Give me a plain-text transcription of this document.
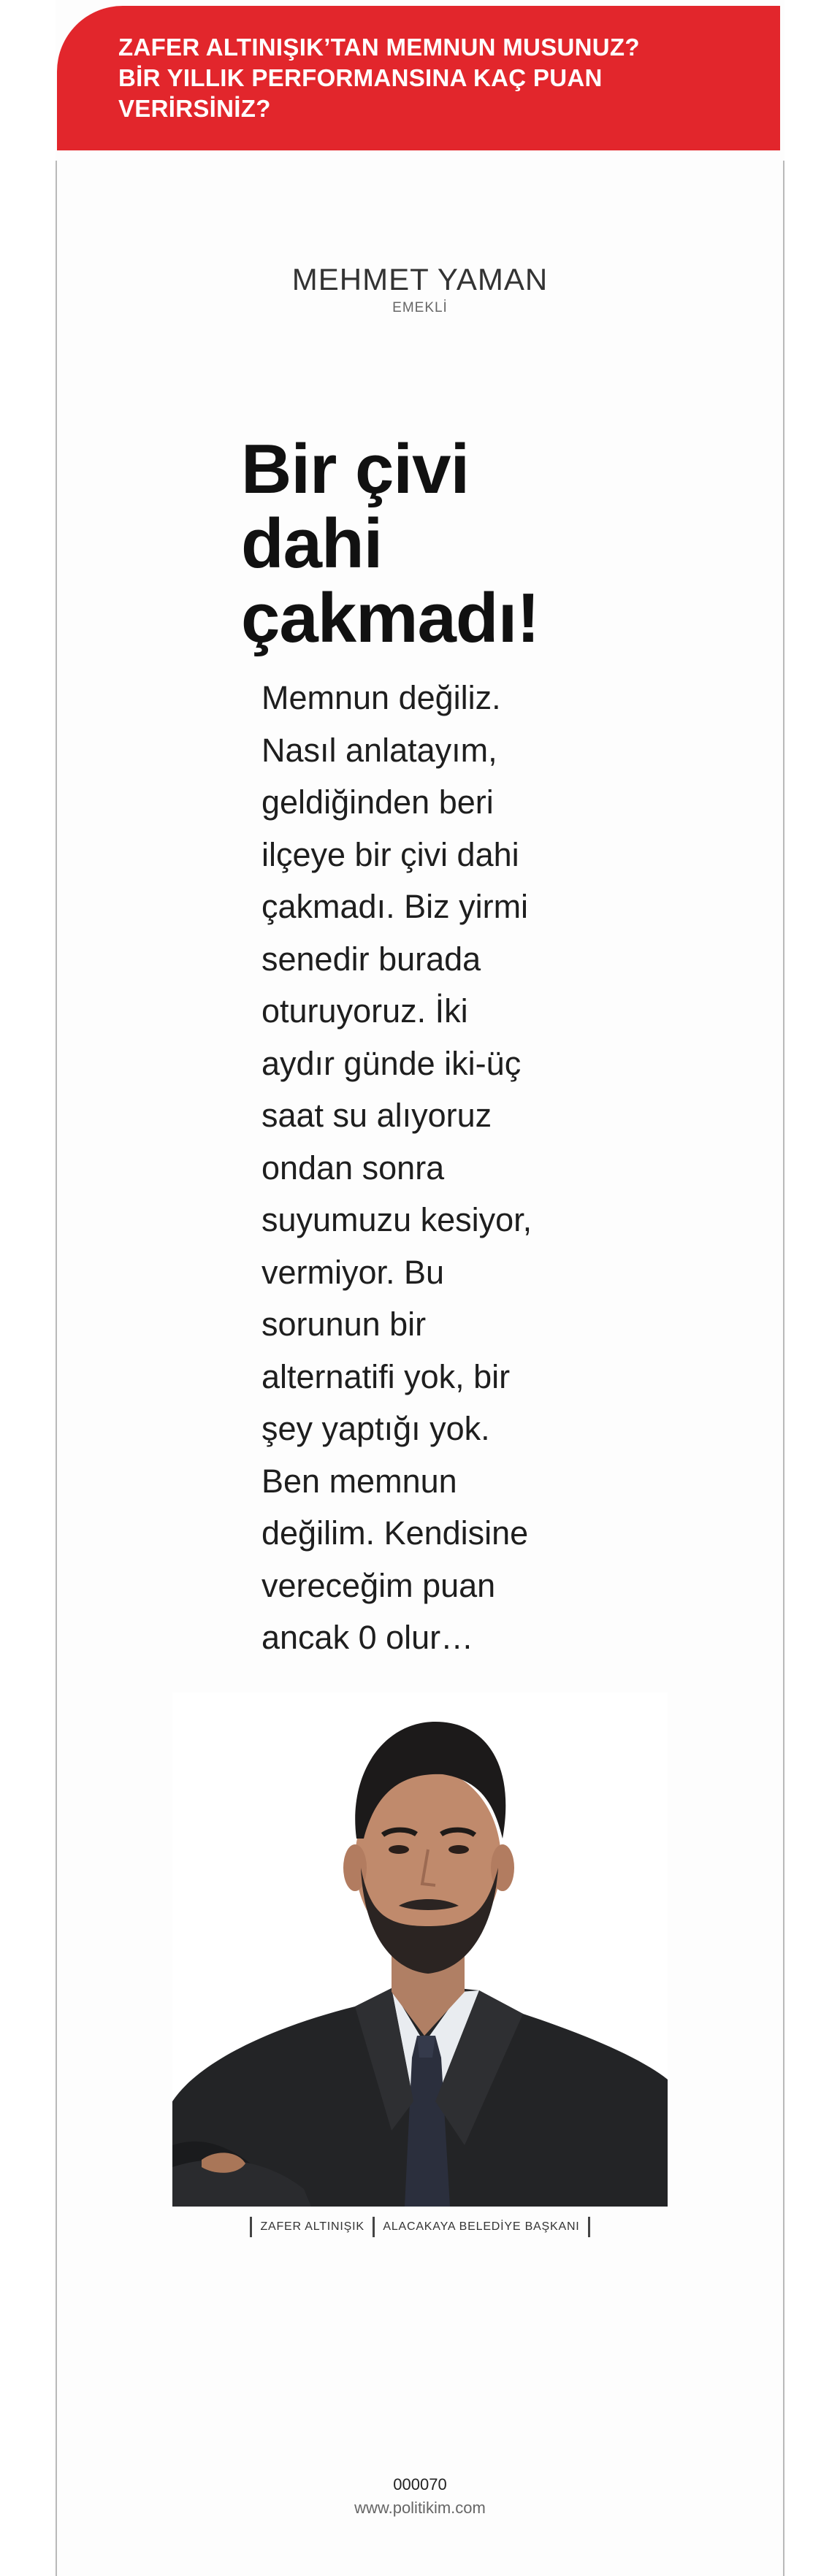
ZAFER ALTINIŞIK’TAN MEMNUN MUSUNUZ?
BİR YILLIK PERFORMANSINA KAÇ PUAN
VERİRSİNİZ?
MEHMET YAMAN
EMEKLİ
Bir çivi
dahi
çakmadı!
Memnun değiliz.
Nasıl anlatayım,
geldiğinden beri
ilçeye bir çivi dahi
çakmadı. Biz yirmi
senedir burada
oturuyoruz. İki
aydır günde iki-üç
saat su alıyoruz
ondan sonra
suyumuzu kesiyor,
vermiyor. Bu
sorunun bir
alternatifi yok, bir
şey yaptığı yok.
Ben memnun
değilim. Kendisine
vereceğim puan
ancak 0 olur…
ZAFER ALTINIŞIK ALACAKAYA BELEDİYE BAŞKANI
000070
www.politikim.com
